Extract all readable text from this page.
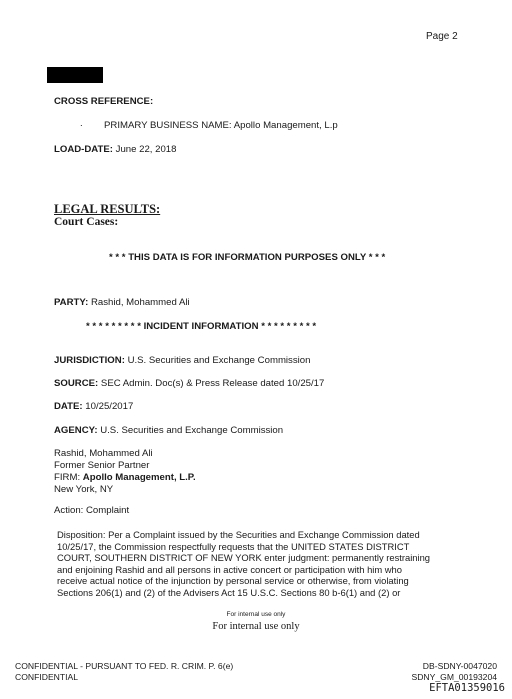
Page 2
CROSS REFERENCE:
. PRIMARY BUSINESS NAME: Apollo Management, L.p
LOAD-DATE: June 22, 2018
LEGAL RESULTS:
Court Cases:
* * * THIS DATA IS FOR INFORMATION PURPOSES ONLY * * *
PARTY: Rashid, Mohammed Ali
* * * * * * * * * INCIDENT INFORMATION * * * * * * * * *
JURISDICTION: U.S. Securities and Exchange Commission
SOURCE: SEC Admin. Doc(s) & Press Release dated 10/25/17
DATE: 10/25/2017
AGENCY: U.S. Securities and Exchange Commission
Rashid, Mohammed Ali
Former Senior Partner
FIRM: Apollo Management, L.P.
New York, NY
Action: Complaint
Disposition: Per a Complaint issued by the Securities and Exchange Commission dated
10/25/17, the Commission respectfully requests that the UNITED STATES DISTRICT
COURT, SOUTHERN DISTRICT OF NEW YORK enter judgment: permanently restraining
and enjoining Rashid and all persons in active concert or participation with him who
receive actual notice of the injunction by personal service or otherwise, from violating
Sections 206(1) and (2) of the Advisers Act 15 U.S.C. Sections 80 b-6(1) and (2) or
For internal use only
For internal use only
CONFIDENTIAL - PURSUANT TO FED. R. CRIM. P. 6(e)
CONFIDENTIAL
DB-SDNY-0047020
SDNY_GM_00193204
EFTA01359016
